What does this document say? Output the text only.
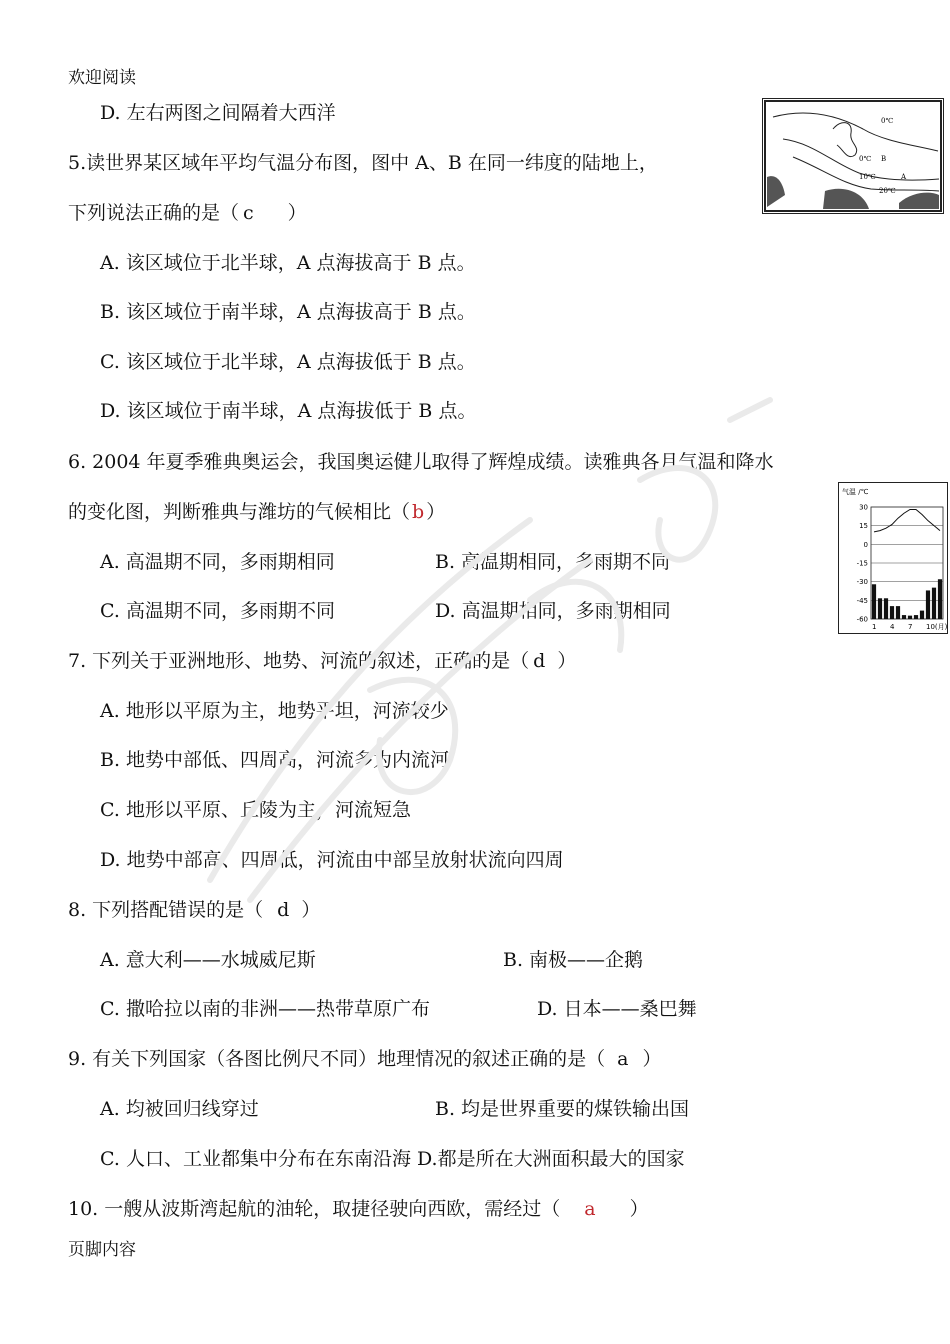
欢迎阅读
页脚内容
D. 左右两图之间隔着大西洋
5.读世界某区域年平均气温分布图，图中 A、B 在同一纬度的陆地上，
下列说法正确的是（ c ）
A. 该区域位于北半球，A 点海拔高于 B 点。
B. 该区域位于南半球，A 点海拔高于 B 点。
C. 该区域位于北半球，A 点海拔低于 B 点。
D. 该区域位于南半球，A 点海拔低于 B 点。
6. 2004 年夏季雅典奥运会，我国奥运健儿取得了辉煌成绩。读雅典各月气温和降水
的变化图，判断雅典与潍坊的气候相比（ b ）
A. 高温期不同，多雨期相同	B. 高温期相同，多雨期不同
C. 高温期不同，多雨期不同	D. 高温期相同，多雨期相同
7. 下列关于亚洲地形、地势、河流的叙述，正确的是（ d ）
A. 地形以平原为主，地势平坦，河流较少
B. 地势中部低、四周高，河流多为内流河
C. 地形以平原、丘陵为主，河流短急
D. 地势中部高、四周低，河流由中部呈放射状流向四周
8. 下列搭配错误的是（ d ）
A. 意大利——水城威尼斯	B. 南极——企鹅
C. 撒哈拉以南的非洲——热带草原广布	D. 日本——桑巴舞
9. 有关下列国家（各图比例尺不同）地理情况的叙述正确的是（ a ）
A. 均被回归线穿过	B. 均是世界重要的煤铁输出国
C. 人口、工业都集中分布在东南沿海 D.都是所在大洲面积最大的国家
10. 一艘从波斯湾起航的油轮，取捷径驶向西欧，需经过（ a ）
0℃
0℃ B
10℃	A
20℃
气温 /℃
30
15
0
-15
-30
-45
-60
1 4 7 10(月)
